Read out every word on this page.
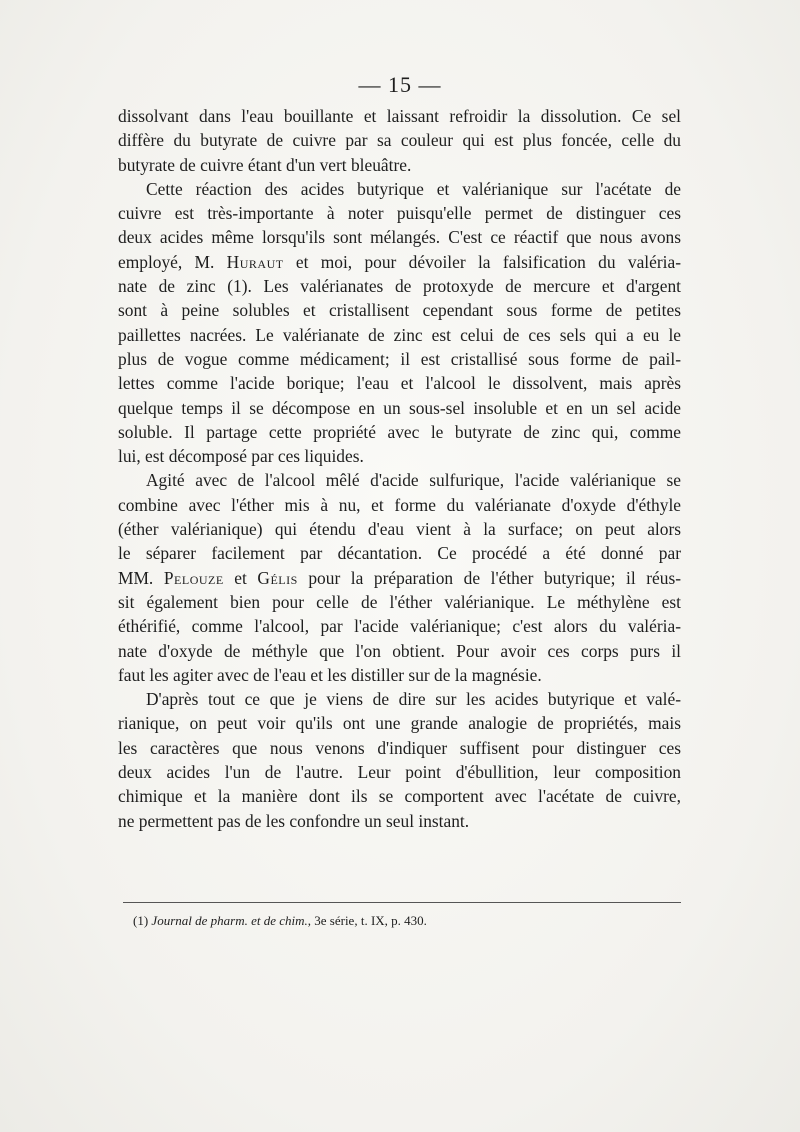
— 15 —
dissolvant dans l'eau bouillante et laissant refroidir la dissolution. Ce sel
diffère du butyrate de cuivre par sa couleur qui est plus foncée, celle du
butyrate de cuivre étant d'un vert bleuâtre.
Cette réaction des acides butyrique et valérianique sur l'acétate de
cuivre est très-importante à noter puisqu'elle permet de distinguer ces
deux acides même lorsqu'ils sont mélangés. C'est ce réactif que nous avons
employé, M. Huraut et moi, pour dévoiler la falsification du valéria-
nate de zinc (1). Les valérianates de protoxyde de mercure et d'argent
sont à peine solubles et cristallisent cependant sous forme de petites
paillettes nacrées. Le valérianate de zinc est celui de ces sels qui a eu le
plus de vogue comme médicament; il est cristallisé sous forme de pail-
lettes comme l'acide borique; l'eau et l'alcool le dissolvent, mais après
quelque temps il se décompose en un sous-sel insoluble et en un sel acide
soluble. Il partage cette propriété avec le butyrate de zinc qui, comme
lui, est décomposé par ces liquides.
Agité avec de l'alcool mêlé d'acide sulfurique, l'acide valérianique se
combine avec l'éther mis à nu, et forme du valérianate d'oxyde d'éthyle
(éther valérianique) qui étendu d'eau vient à la surface; on peut alors
le séparer facilement par décantation. Ce procédé a été donné par
MM. Pelouze et Gélis pour la préparation de l'éther butyrique; il réus-
sit également bien pour celle de l'éther valérianique. Le méthylène est
éthérifié, comme l'alcool, par l'acide valérianique; c'est alors du valéria-
nate d'oxyde de méthyle que l'on obtient. Pour avoir ces corps purs il
faut les agiter avec de l'eau et les distiller sur de la magnésie.
D'après tout ce que je viens de dire sur les acides butyrique et valé-
rianique, on peut voir qu'ils ont une grande analogie de propriétés, mais
les caractères que nous venons d'indiquer suffisent pour distinguer ces
deux acides l'un de l'autre. Leur point d'ébullition, leur composition
chimique et la manière dont ils se comportent avec l'acétate de cuivre,
ne permettent pas de les confondre un seul instant.
(1) Journal de pharm. et de chim., 3e série, t. IX, p. 430.
